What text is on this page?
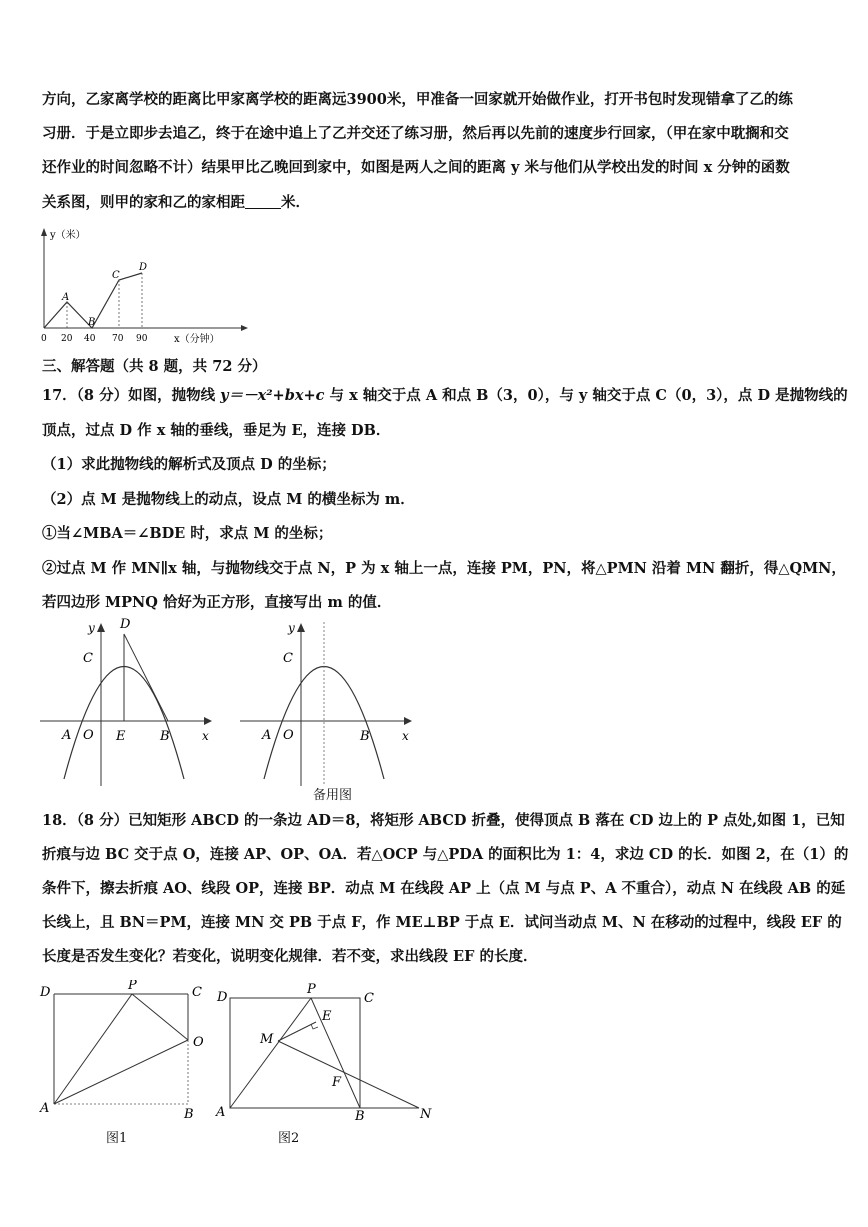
方向，乙家离学校的距离比甲家离学校的距离远3900米，甲准备一回家就开始做作业，打开书包时发现错拿了乙的练
习册．于是立即步去追乙，终于在途中追上了乙并交还了练习册，然后再以先前的速度步行回家，（甲在家中耽搁和交
还作业的时间忽略不计）结果甲比乙晚回到家中，如图是两人之间的距离 y 米与他们从学校出发的时间 x 分钟的函数
关系图，则甲的家和乙的家相距 米．
y（米）
x（分钟）
0 20 40 70 90
A
B
C
D
三、解答题（共 8 题，共 72 分）
17．（8 分）如图，抛物线 y＝－x²+bx+c 与 x 轴交于点 A 和点 B（3，0），与 y 轴交于点 C（0，3），点 D 是抛物线的
顶点，过点 D 作 x 轴的垂线，垂足为 E，连接 DB．
（1）求此抛物线的解析式及顶点 D 的坐标；
（2）点 M 是抛物线上的动点，设点 M 的横坐标为 m．
①当∠MBA＝∠BDE 时，求点 M 的坐标；
②过点 M 作 MN∥x 轴，与抛物线交于点 N，P 为 x 轴上一点，连接 PM，PN，将△PMN 沿着 MN 翻折，得△QMN，
若四边形 MPNQ 恰好为正方形，直接写出 m 的值．
y
x
D
C
A O E	B
y
x
C
A O	B
备用图
18．（8 分）已知矩形 ABCD 的一条边 AD＝8，将矩形 ABCD 折叠，使得顶点 B 落在 CD 边上的 P 点处,如图 1，已知
折痕与边 BC 交于点 O，连接 AP、OP、OA．若△OCP 与△PDA 的面积比为 1：4，求边 CD 的长．如图 2，在（1）的
条件下，擦去折痕 AO、线段 OP，连接 BP．动点 M 在线段 AP 上（点 M 与点 P、A 不重合），动点 N 在线段 AB 的延
长线上，且 BN＝PM，连接 MN 交 PB 于点 F，作 ME⊥BP 于点 E．试问当动点 M、N 在移动的过程中，线段 EF 的
长度是否发生变化？若变化，说明变化规律．若不变，求出线段 EF 的长度．
D	P	C
O
A	B
图1
D
P
C
E
M
F
A	B	N
图2
